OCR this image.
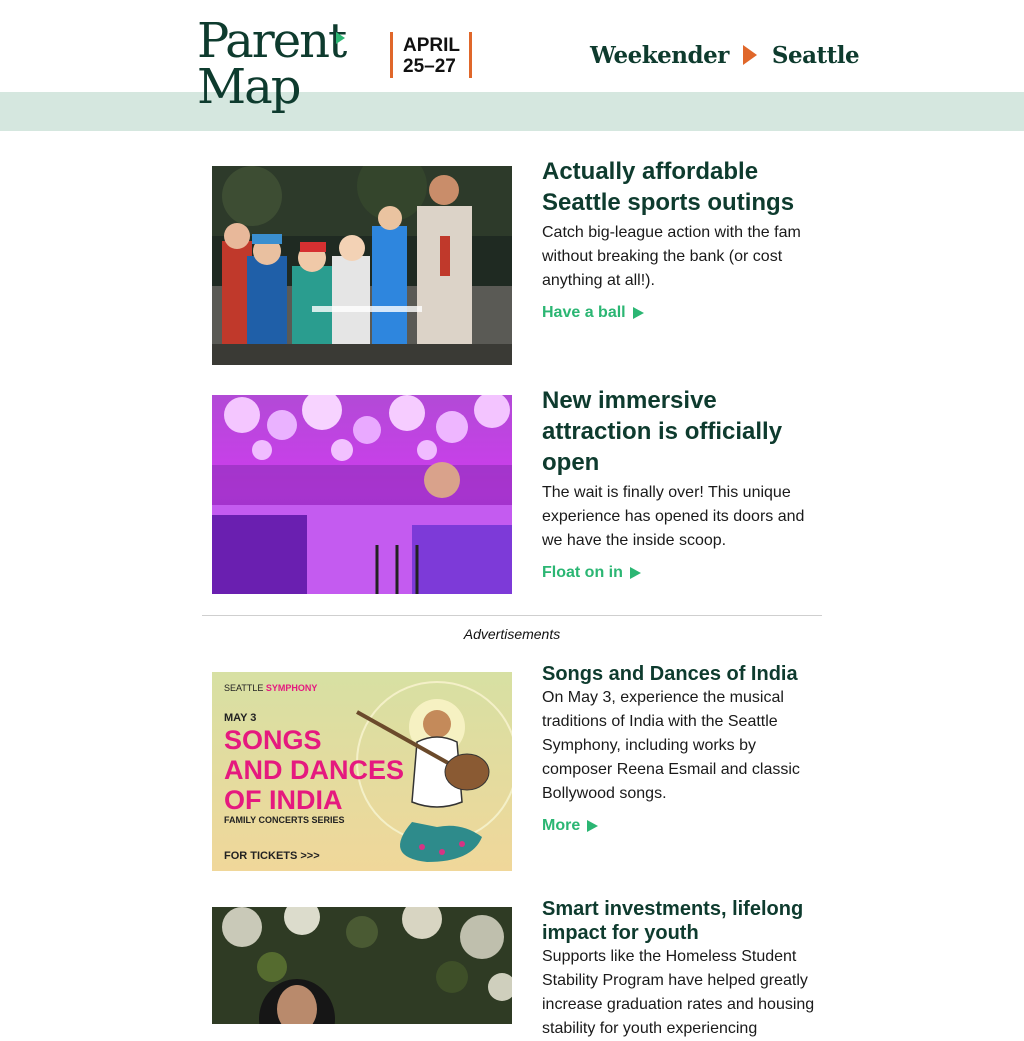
Parent
Map
APRIL
25–27	Weekender Seattle
Actually affordable Seattle sports outings

Catch big-league action with the fam without breaking the bank (or cost anything at all!).

Have a ball
New immersive attraction is officially open

The wait is finally over! This unique experience has opened its doors and we have the inside scoop.

Float on in
Advertisements
SEATTLE SYMPHONY
MAY 3
SONGS
AND DANCES
OF INDIA
FAMILY CONCERTS SERIES
FOR TICKETS >>>
Songs and Dances of India

On May 3, experience the musical traditions of India with the Seattle Symphony, including works by composer Reena Esmail and classic Bollywood songs.

More
Smart investments, lifelong impact for youth

Supports like the Homeless Student Stability Program have helped greatly increase graduation rates and housing stability for youth experiencing
